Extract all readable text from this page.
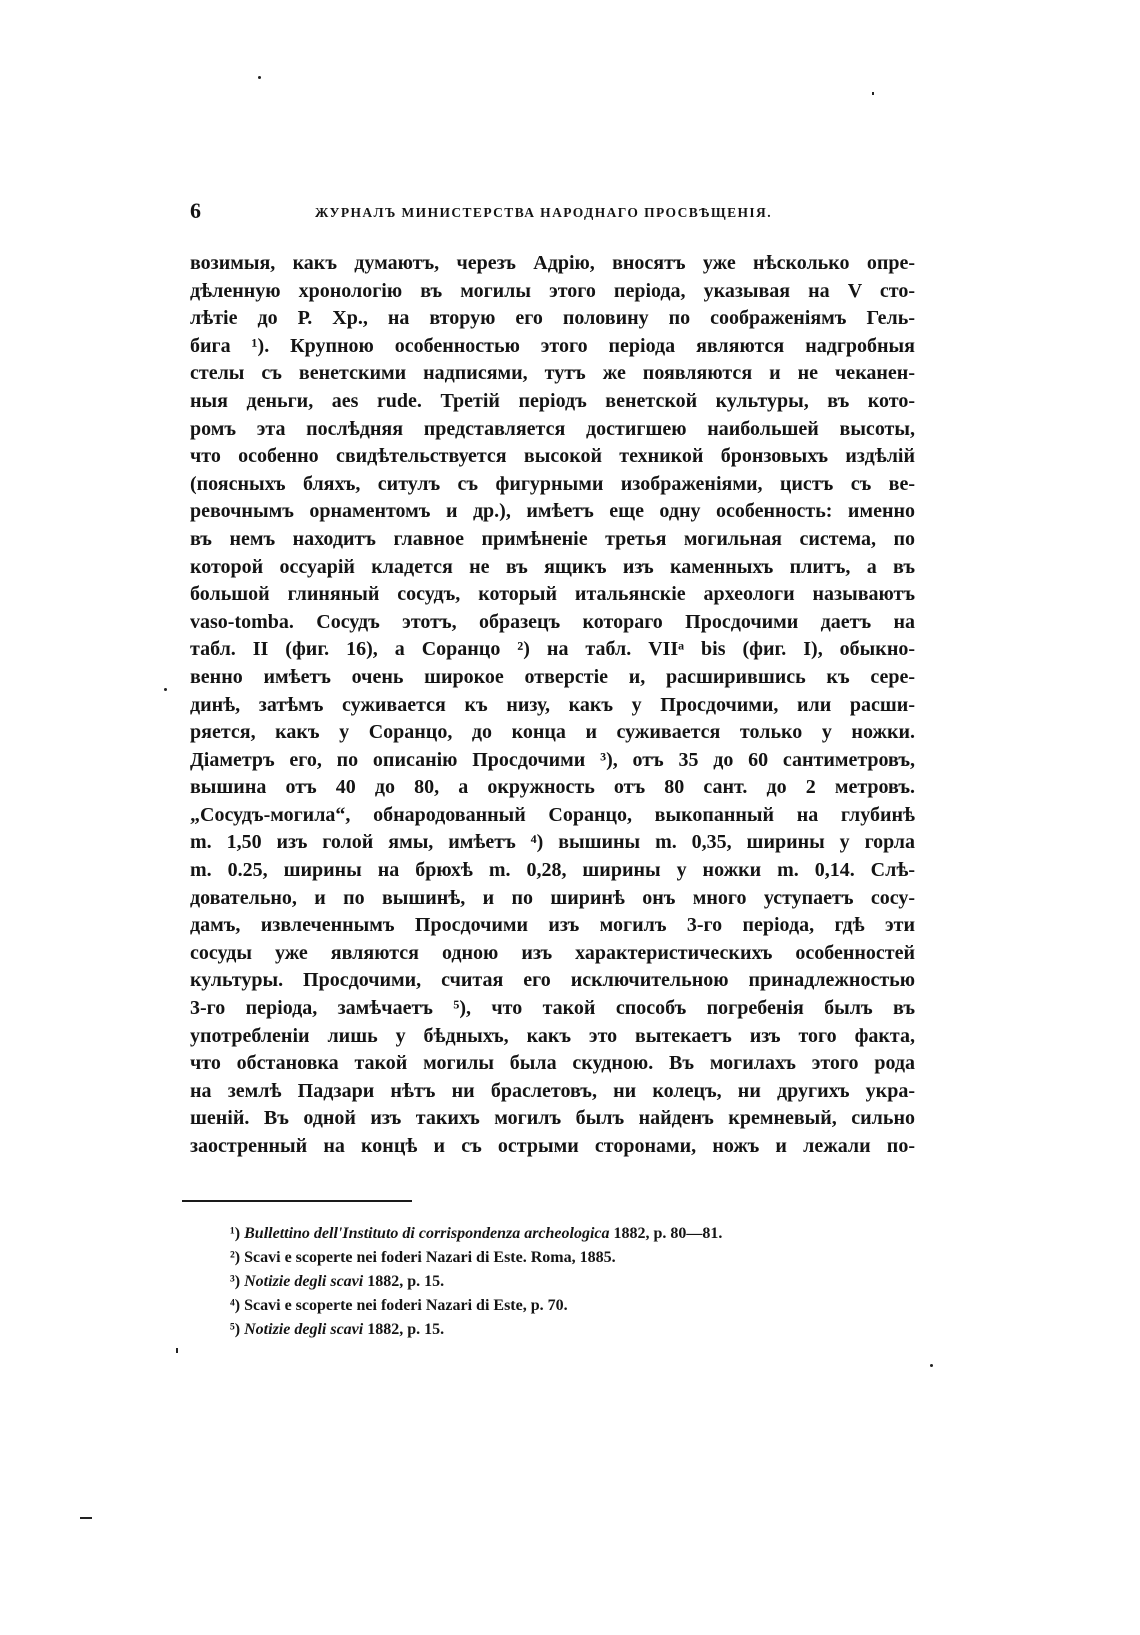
6	ЖУРНАЛЪ МИНИСТЕРСТВА НАРОДНАГО ПРОСВѢЩЕНІЯ.
возимыя, какъ думаютъ, черезъ Адрію, вносятъ уже нѣсколько опре-
дѣленную хронологію въ могилы этого періода, указывая на V сто-
лѣтіе до Р. Хр., на вторую его половину по соображеніямъ Гель-
бига ¹). Крупною особенностью этого періода являются надгробныя
стелы съ венетскими надписями, тутъ же появляются и не чеканен-
ныя деньги, aes rude. Третій періодъ венетской культуры, въ кото-
ромъ эта послѣдняя представляется достигшею наибольшей высоты,
что особенно свидѣтельствуется высокой техникой бронзовыхъ издѣлій
(поясныхъ бляхъ, ситулъ съ фигурными изображеніями, цистъ съ ве-
ревочнымъ орнаментомъ и др.), имѣетъ еще одну особенность: именно
въ немъ находитъ главное примѣненіе третья могильная система, по
которой оссуарій кладется не въ ящикъ изъ каменныхъ плитъ, а въ
большой глиняный сосудъ, который итальянскіе археологи называютъ
vaso-tomba. Сосудъ этотъ, образецъ котораго Просдочими даетъ на
табл. II (фиг. 16), а Соранцо ²) на табл. VIIᵃ bis (фиг. I), обыкно-
венно имѣетъ очень широкое отверстіе и, расширившись къ сере-
динѣ, затѣмъ суживается къ низу, какъ у Просдочими, или расши-
ряется, какъ у Соранцо, до конца и суживается только у ножки.
Діаметръ его, по описанію Просдочими ³), отъ 35 до 60 сантиметровъ,
вышина отъ 40 до 80, а окружность отъ 80 сант. до 2 метровъ.
„Сосудъ-могила“, обнародованный Соранцо, выкопанный на глубинѣ
m. 1,50 изъ голой ямы, имѣетъ ⁴) вышины m. 0,35, ширины у горла
m. 0.25, ширины на брюхѣ m. 0,28, ширины у ножки m. 0,14. Слѣ-
довательно, и по вышинѣ, и по ширинѣ онъ много уступаетъ сосу-
дамъ, извлеченнымъ Просдочими изъ могилъ 3-го періода, гдѣ эти
сосуды уже являются одною изъ характеристическихъ особенностей
культуры. Просдочими, считая его исключительною принадлежностью
3-го періода, замѣчаетъ ⁵), что такой способъ погребенія былъ въ
употребленіи лишь у бѣдныхъ, какъ это вытекаетъ изъ того факта,
что обстановка такой могилы была скудною. Въ могилахъ этого рода
на землѣ Падзари нѣтъ ни браслетовъ, ни колецъ, ни другихъ укра-
шеній. Въ одной изъ такихъ могилъ былъ найденъ кремневый, сильно
заостренный на концѣ и съ острыми сторонами, ножъ и лежали по-
¹) Bullettino dell'Instituto di corrispondenza archeologica 1882, p. 80—81.
²) Scavi e scoperte nei foderi Nazari di Este. Roma, 1885.
³) Notizie degli scavi 1882, p. 15.
⁴) Scavi e scoperte nei foderi Nazari di Este, p. 70.
⁵) Notizie degli scavi 1882, p. 15.
